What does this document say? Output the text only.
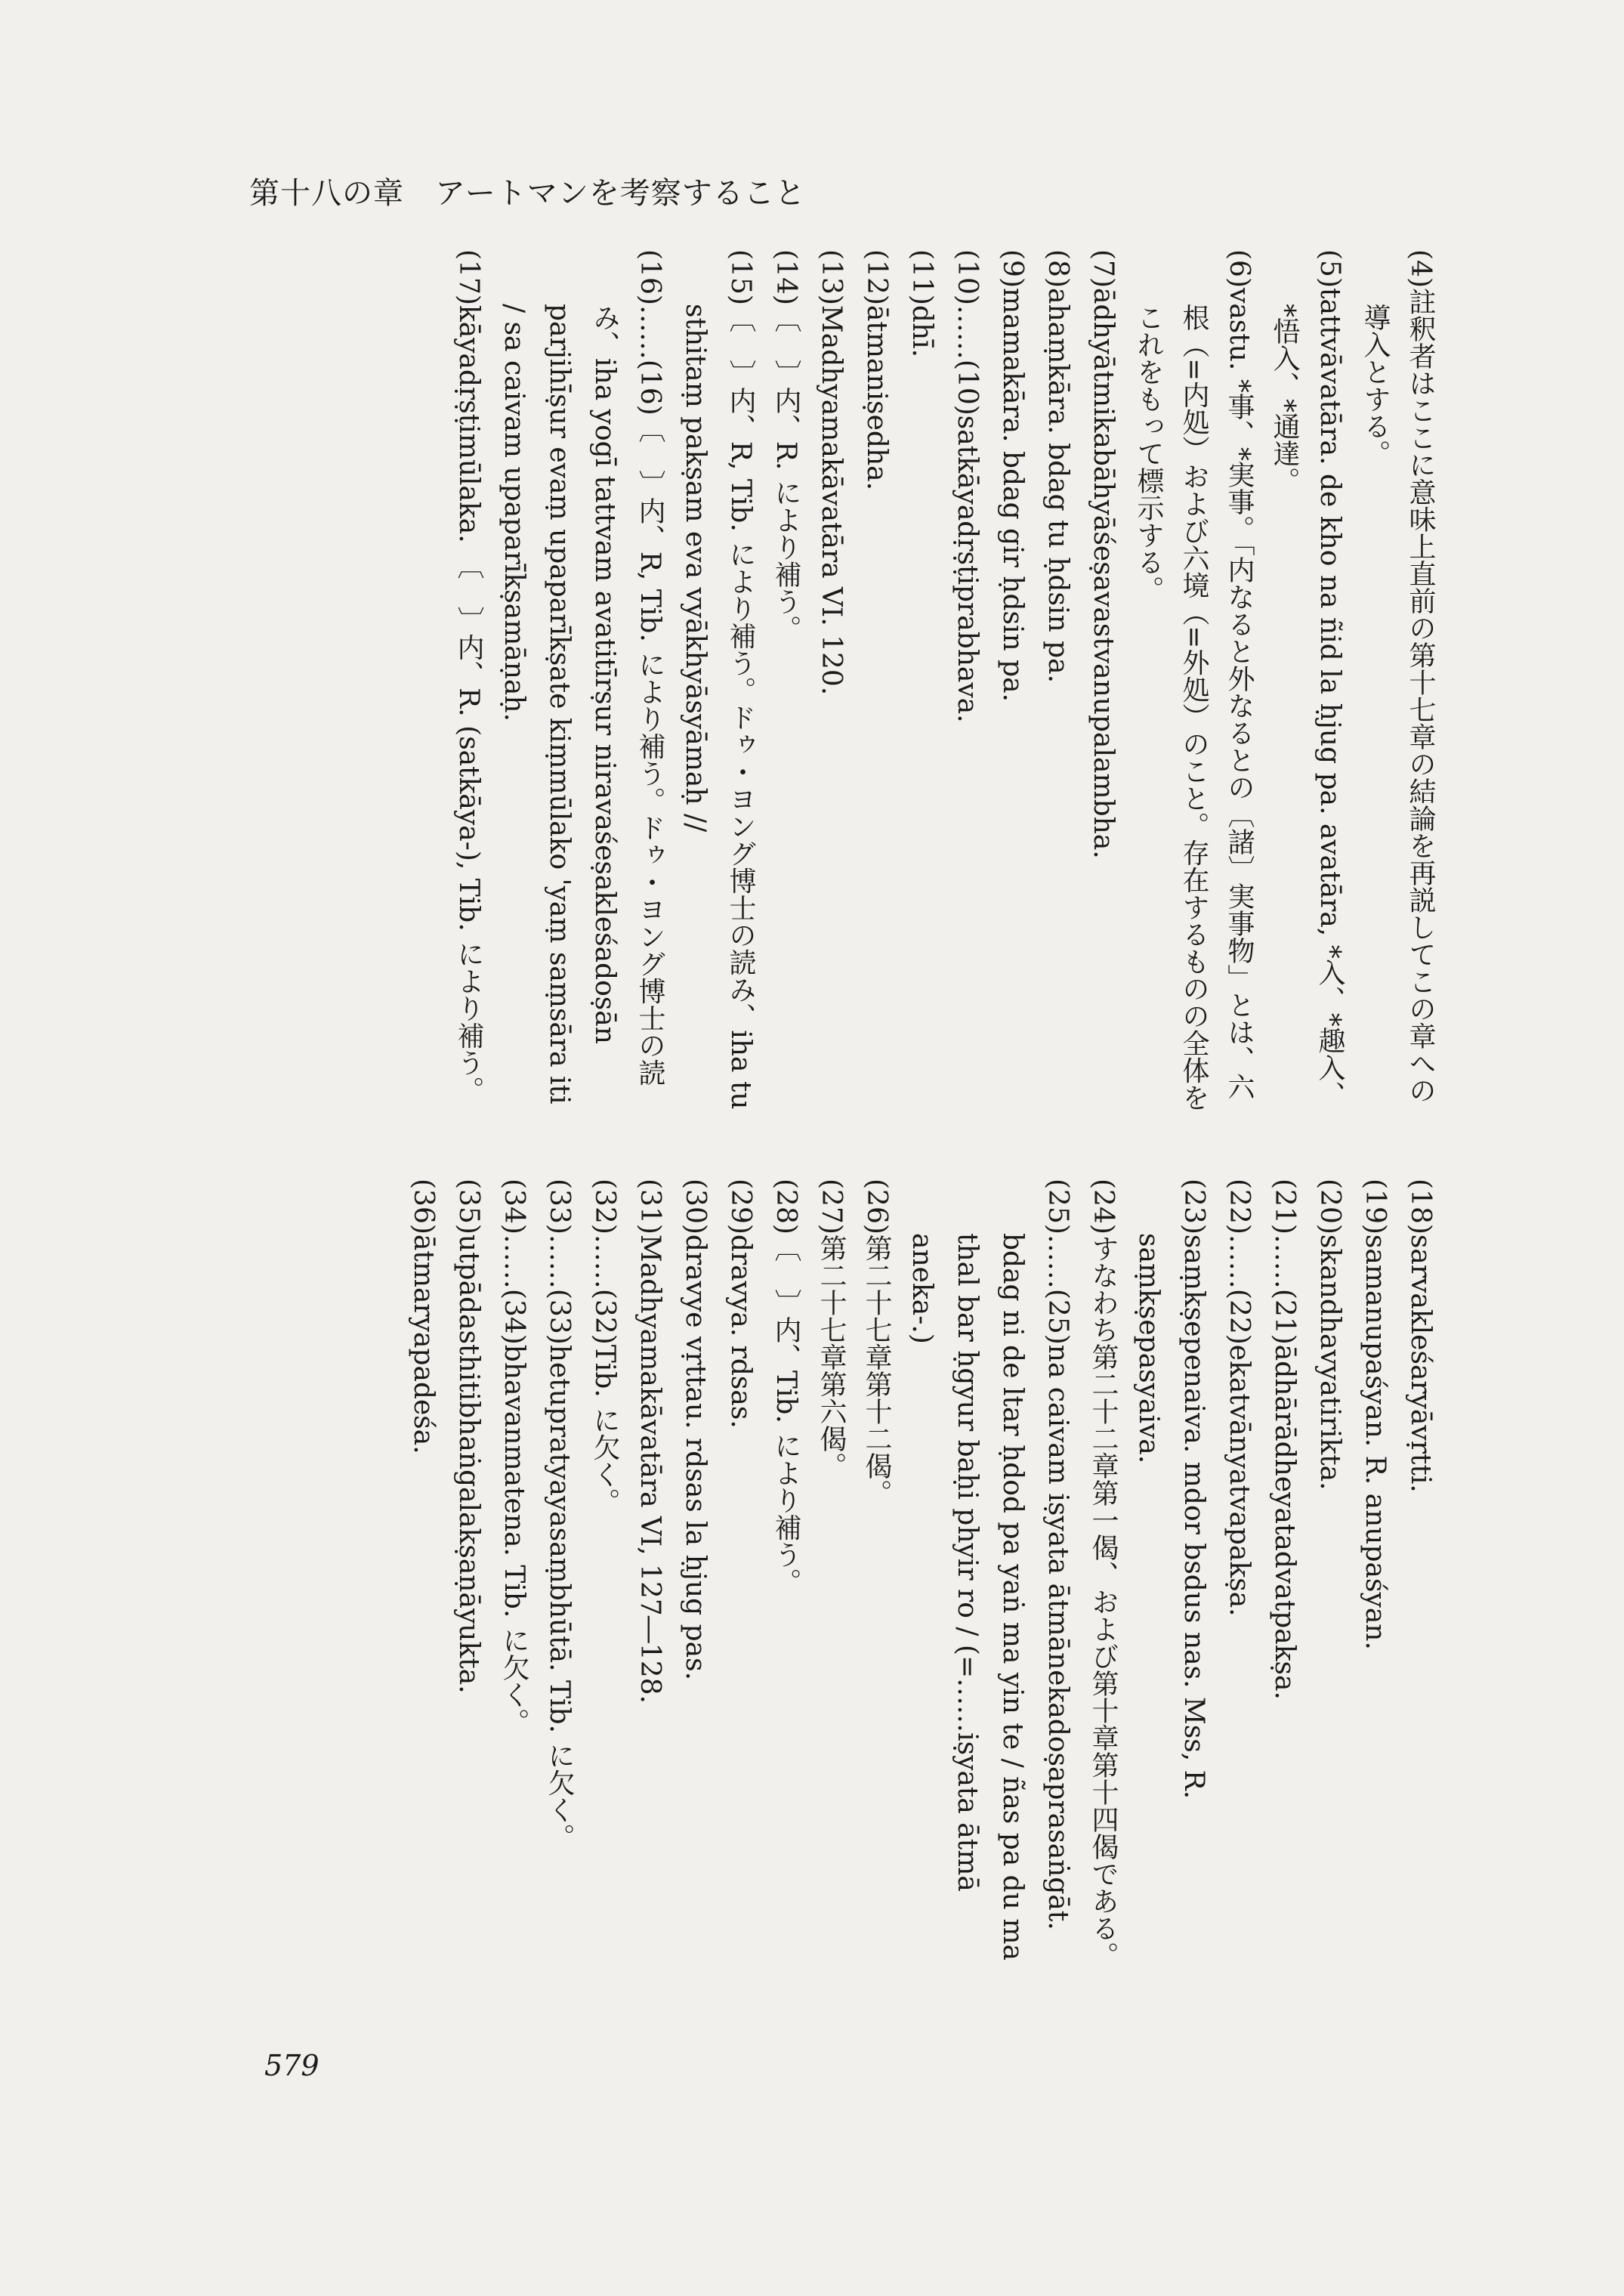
第十八の章　アートマンを考察すること
(4)註釈者はここに意味上直前の第十七章の結論を再説してこの章への導入とする。
(5)tattvāvatāra. de kho na ñid la ḥjug pa. avatāra, *入、*趣入、*悟入、*通達。
(6)vastu. *事、*実事。「内なると外なるとの〔諸〕実事物」とは、六根（=内処）および六境（=外処）のこと。存在するものの全体をこれをもって標示する。
(7)ādhyātmikabāhyāśeṣavastvanupalambha.
(8)ahaṃkāra. bdag tu ḥdsin pa.
(9)mamakāra. bdag gir ḥdsin pa.
(10)……(10)satkāyadṛṣṭiprabhava.
(11)dhī.
(12)ātmaniṣedha.
(13)Madhyamakāvatāra VI. 120.
(14)〔　〕内、R. により補う。
(15)〔　〕内、R, Tib. により補う。ドゥ・ヨング博士の読み、iha tu sthitaṃ pakṣam eva vyākhyāsyāmaḥ //
(16)……(16)〔　〕内、R, Tib. により補う。ドゥ・ヨング博士の読み、iha yogī tattvam avatitīrṣur niravaśeṣakleśadoṣān parjihīṣur evaṃ upaparīkṣate kiṃmūlako 'yaṃ saṃsāra iti / sa caivam upaparīkṣamāṇaḥ.
(17)kāyadṛṣṭimūlaka. 〔　〕内、R. (satkāya-), Tib. により補う。
(18)sarvakleśaryāvṛtti.
(19)samanupaśyan. R. anupaśyan.
(20)skandhavyatirikta.
(21)……(21)ādhārādheyatadvatpakṣa.
(22)……(22)ekatvānyatvapakṣa.
(23)saṃkṣepenaiva. mdor bsdus nas. Mss, R. saṃkṣepasyaiva.
(24)すなわち第二十二章第一偈、および第十章第十四偈である。
(25)……(25)na caivam iṣyata ātmānekadoṣaprasaṅgāt. bdag ni de ltar ḥdod pa yaṅ ma yin te / ñas pa du ma thal bar ḥgyur baḥi phyir ro / (=……iṣyata ātmā aneka-.)
(26)第二十七章第十二偈。
(27)第二十七章第六偈。
(28)〔　〕内、Tib. により補う。
(29)dravya. rdsas.
(30)dravye vṛttau. rdsas la ḥjug pas.
(31)Madhyamakāvatāra VI, 127―128.
(32)……(32)Tib. に欠く。
(33)……(33)hetupratyayasaṃbhūtā. Tib. に欠く。
(34)……(34)bhavanmatena. Tib. に欠く。
(35)utpādasthitibhaṅgalakṣaṇāyukta.
(36)ātmaryapadeśa.
579
